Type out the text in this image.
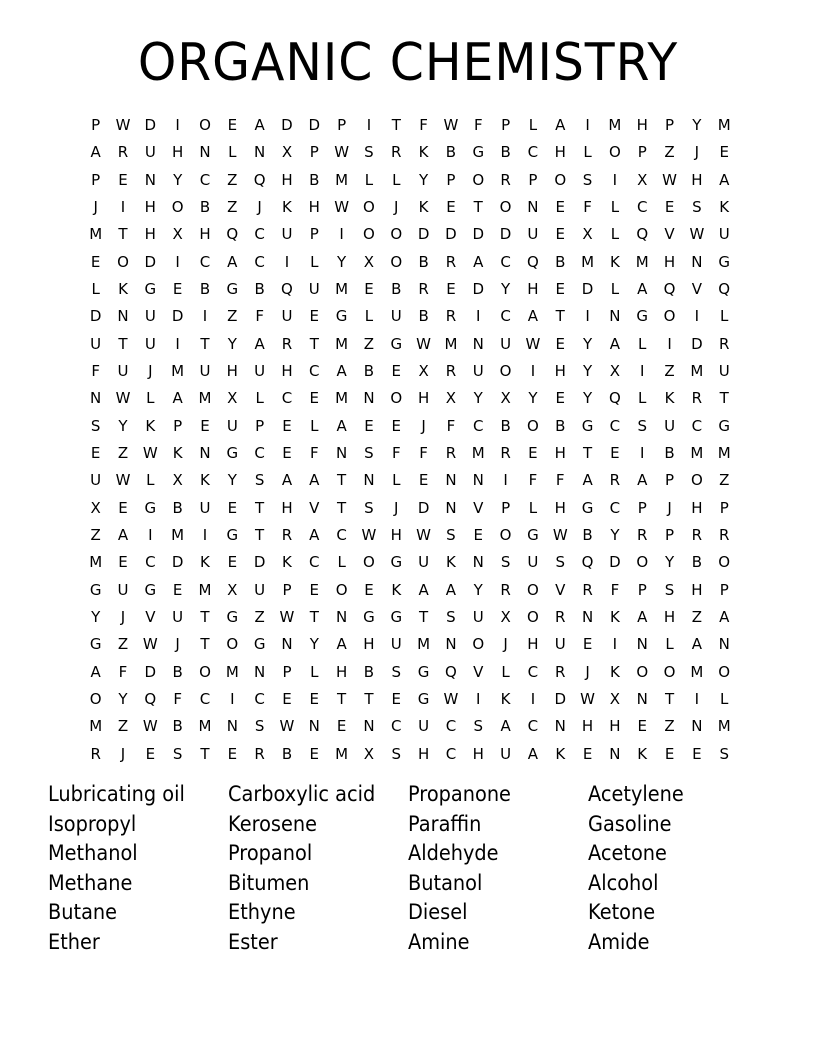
ORGANIC CHEMISTRY
P	W D	I	O	E	A	D	D	P	I	T	F	W	F	P	L	A	I	M	H	P	Y	M
A	R	U	H	N	L	N	X	P	W	S	R	K	B	G	B	C	H	L	O	P	Z	J	E
P	E	N	Y	C	Z	Q	H	B	M	L	L	Y	P	O	R	P	O	S	I	X W H	A
J	I	H	O	B	Z	J	K	H W O	J	K	E	T	O	N	E	F	L	C	E	S	K
M	T	H	X	H	Q	C	U	P	I	O	O	D	D	D	D	U	E	X	L	Q	V W U
E	O	D	I	C	A	C	I	L	Y	X	O	B	R	A	C	Q	B	M	K	M	H	N	G
L	K	G	E	B	G	B	Q	U	M	E	B	R	E	D	Y	H	E	D	L	A	Q	V	Q
D	N	U	D	I	Z	F	U	E	G	L	U	B	R	I	C	A	T	I	N	G	O	I	L
U	T	U	I	T	Y	A	R	T	M	Z	G W M	N	U W	E	Y	A	L	I	D	R
F	U	J	M	U	H	U	H	C	A	B	E	X	R	U	O	I	H	Y	X	I	Z	M	U
N W	L	A	M	X	L	C	E	M	N	O	H	X	Y	X	Y	E	Y	Q	L	K	R	T
S	Y	K	P	E	U	P	E	L	A	E	E	J	F	C	B	O	B	G	C	S	U	C	G
E	Z W K	N	G	C	E	F	N	S	F	F	R	M	R	E	H	T	E	I	B	M M
U W	L	X	K	Y	S	A	A	T	N	L	E	N	N	I	F	F	A	R	A	P	O	Z
X	E	G	B	U	E	T	H	V	T	S	J	D	N	V	P	L	H	G	C	P	J	H	P
Z	A	I	M	I	G	T	R	A	C W H W	S	E	O	G W B	Y	R	P	R	R
M	E	C	D	K	E	D	K	C	L	O	G	U	K	N	S	U	S	Q	D	O	Y	B	O
G	U	G	E	M	X	U	P	E	O	E	K	A	A	Y	R	O	V	R	F	P	S	H	P
Y	J	V	U	T	G	Z W	T	N	G	G	T	S	U	X	O	R	N	K	A	H	Z	A
G	Z W	J	T	O	G	N	Y	A	H	U	M	N	O	J	H	U	E	I	N	L	A	N
A	F	D	B	O M	N	P	L	H	B	S	G	Q	V	L	C	R	J	K	O	O M O
O	Y	Q	F	C	I	C	E	E	T	T	E	G W	I	K	I	D W X	N	T	I	L
M	Z W B	M	N	S	W N	E	N	C	U	C	S	A	C	N	H	H	E	Z	N	M
R	J	E	S	T	E	R	B	E	M	X	S	H	C	H	U	A	K	E	N	K	E	E	S
Lubricating oil	Carboxylic acid	Propanone	Acetylene
Isopropyl	Kerosene	Paraffin	Gasoline
Methanol	Propanol	Aldehyde	Acetone
Methane	Bitumen	Butanol	Alcohol
Butane	Ethyne	Diesel	Ketone
Ether	Ester	Amine	Amide
